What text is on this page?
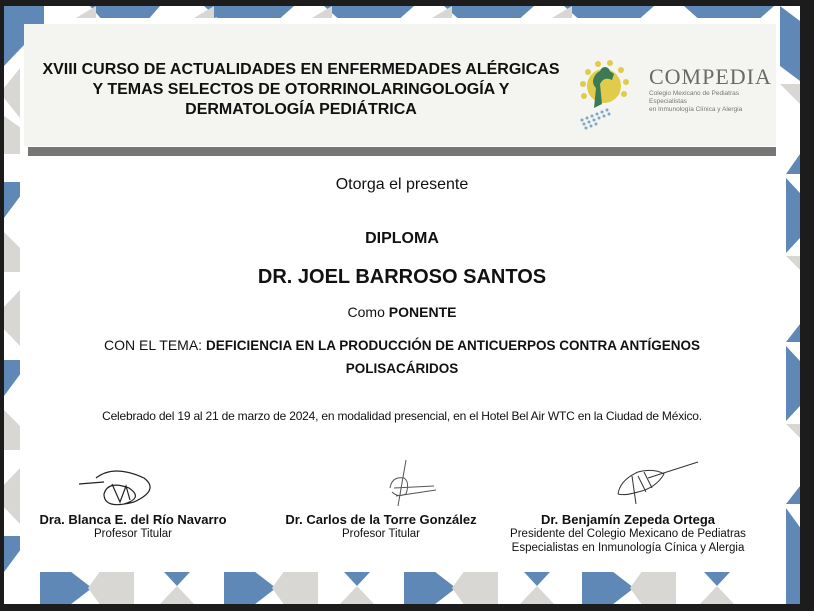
XVIII CURSO DE ACTUALIDADES EN ENFERMEDADES ALÉRGICAS
Y TEMAS SELECTOS DE OTORRINOLARINGOLOGÍA Y
DERMATOLOGÍA PEDIÁTRICA
COMPEDIA
Colegio Mexicano de Pediatras Especialistas
en Inmunología Clínica y Alergia
Otorga el presente
DIPLOMA
DR. JOEL BARROSO SANTOS
Como PONENTE
CON EL TEMA: DEFICIENCIA EN LA PRODUCCIÓN DE ANTICUERPOS CONTRA ANTÍGENOS POLISACÁRIDOS
Celebrado del 19 al 21 de marzo de 2024, en modalidad presencial, en el Hotel Bel Air WTC en la Ciudad de México.
Dra. Blanca E. del Río Navarro
Profesor Titular
Dr. Carlos de la Torre González
Profesor Titular
Dr. Benjamín Zepeda Ortega
Presidente del Colegio Mexicano de Pediatras
Especialistas en Inmunología Cínica y Alergia
